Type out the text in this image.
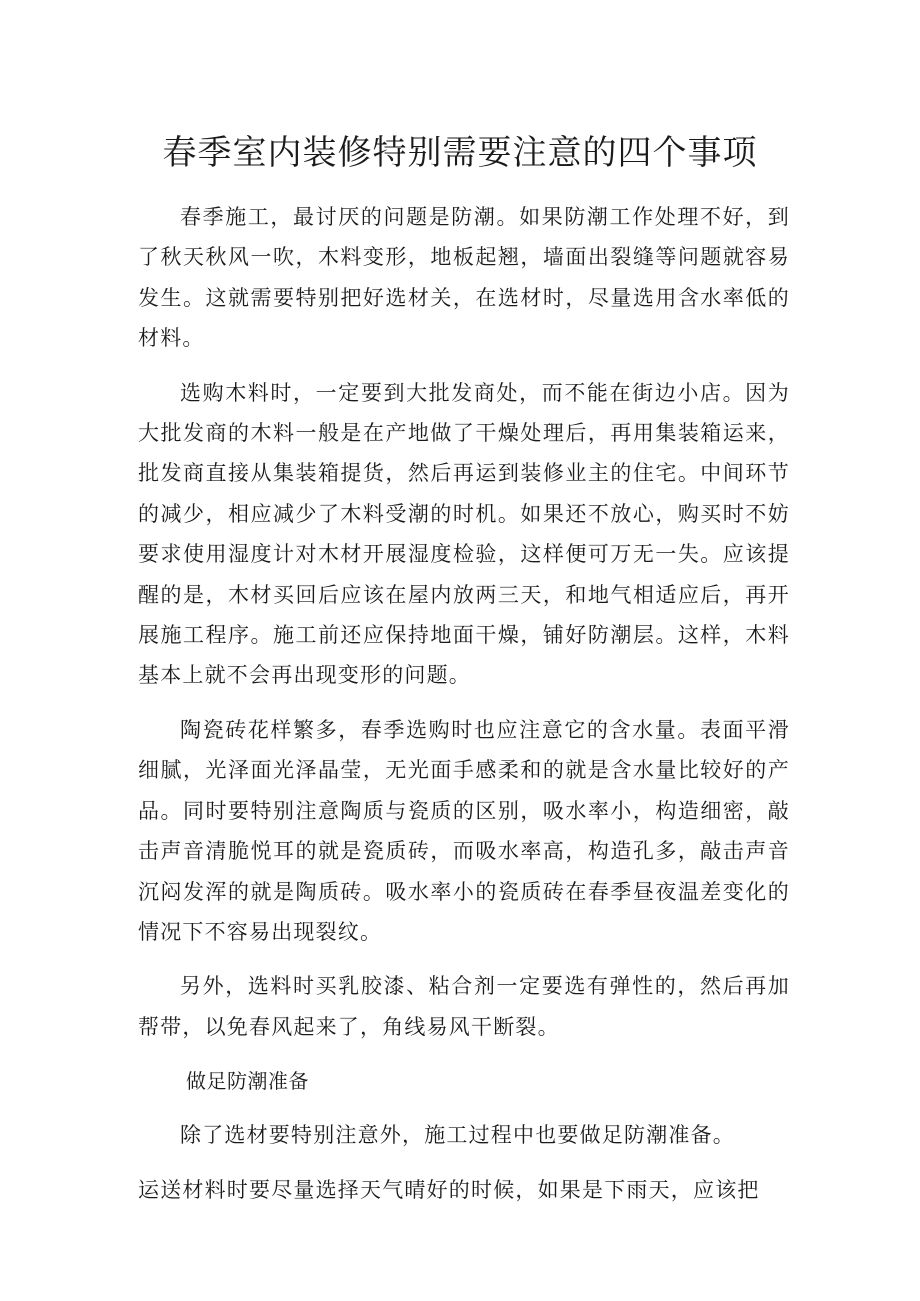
春季室内装修特别需要注意的四个事项

春季施工，最讨厌的问题是防潮。如果防潮工作处理不好，到了秋天秋风一吹，木料变形，地板起翘，墙面出裂缝等问题就容易发生。这就需要特别把好选材关，在选材时，尽量选用含水率低的材料。

选购木料时，一定要到大批发商处，而不能在街边小店。因为大批发商的木料一般是在产地做了干燥处理后，再用集装箱运来，批发商直接从集装箱提货，然后再运到装修业主的住宅。中间环节的减少，相应减少了木料受潮的时机。如果还不放心，购买时不妨要求使用湿度计对木材开展湿度检验，这样便可万无一失。应该提醒的是，木材买回后应该在屋内放两三天，和地气相适应后，再开展施工程序。施工前还应保持地面干燥，铺好防潮层。这样，木料基本上就不会再出现变形的问题。

陶瓷砖花样繁多，春季选购时也应注意它的含水量。表面平滑细腻，光泽面光泽晶莹，无光面手感柔和的就是含水量比较好的产品。同时要特别注意陶质与瓷质的区别，吸水率小，构造细密，敲击声音清脆悦耳的就是瓷质砖，而吸水率高，构造孔多，敲击声音沉闷发浑的就是陶质砖。吸水率小的瓷质砖在春季昼夜温差变化的情况下不容易出现裂纹。

另外，选料时买乳胶漆、粘合剂一定要选有弹性的，然后再加帮带，以免春风起来了，角线易风干断裂。

做足防潮准备

除了选材要特别注意外，施工过程中也要做足防潮准备。

运送材料时要尽量选择天气晴好的时候，如果是下雨天，应该把
